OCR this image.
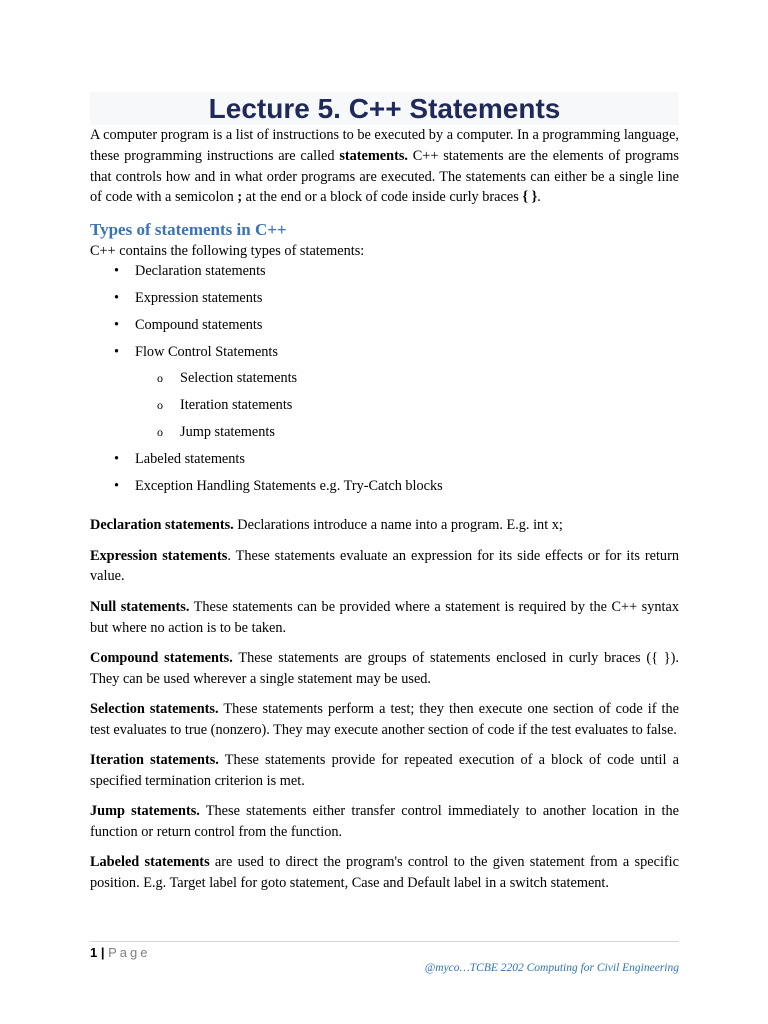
Lecture 5. C++ Statements

A computer program is a list of instructions to be executed by a computer. In a programming language, these programming instructions are called statements. C++ statements are the elements of programs that controls how and in what order programs are executed. The statements can either be a single line of code with a semicolon ; at the end or a block of code inside curly braces { }.

Types of statements in C++

C++ contains the following types of statements:

• Declaration statements
• Expression statements
• Compound statements
• Flow Control Statements
o Selection statements
o Iteration statements
o Jump statements
• Labeled statements
• Exception Handling Statements e.g. Try-Catch blocks

Declaration statements. Declarations introduce a name into a program. E.g. int x;

Expression statements. These statements evaluate an expression for its side effects or for its return value.

Null statements. These statements can be provided where a statement is required by the C++ syntax but where no action is to be taken.

Compound statements. These statements are groups of statements enclosed in curly braces ({ }). They can be used wherever a single statement may be used.

Selection statements. These statements perform a test; they then execute one section of code if the test evaluates to true (nonzero). They may execute another section of code if the test evaluates to false.

Iteration statements. These statements provide for repeated execution of a block of code until a specified termination criterion is met.

Jump statements. These statements either transfer control immediately to another location in the function or return control from the function.

Labeled statements are used to direct the program's control to the given statement from a specific position. E.g. Target label for goto statement, Case and Default label in a switch statement.

1 | Page
@myco…TCBE 2202 Computing for Civil Engineering
